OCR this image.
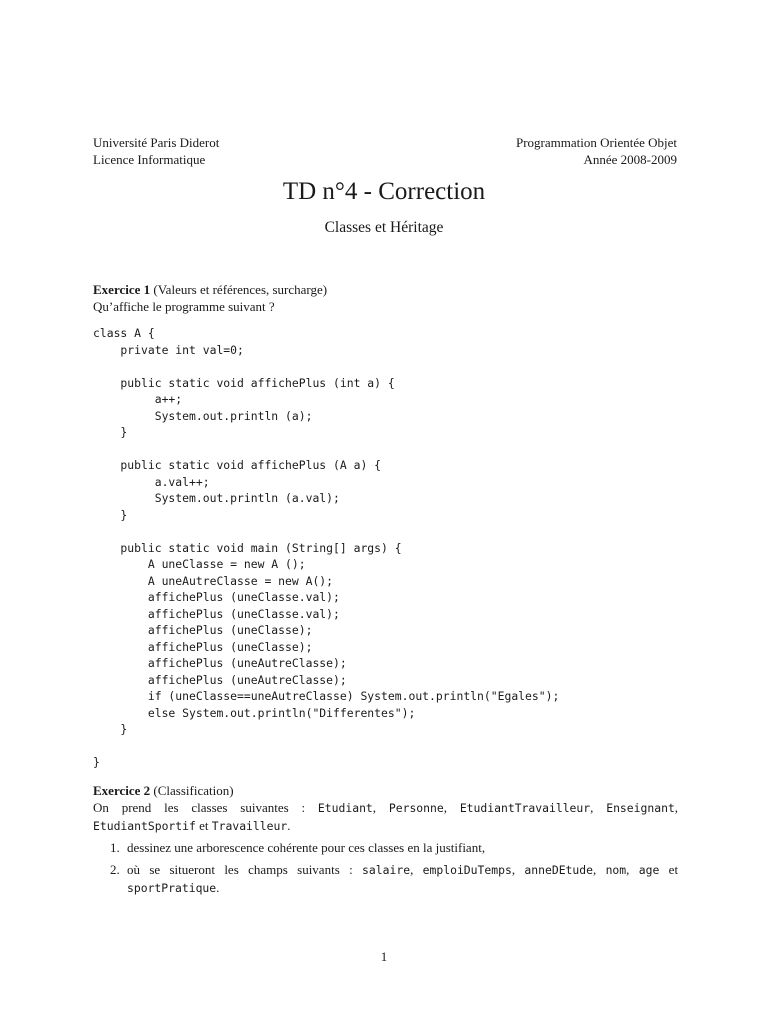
Université Paris Diderot
Licence Informatique
Programmation Orientée Objet
Année 2008-2009
TD n°4 - Correction
Classes et Héritage
Exercice 1 (Valeurs et références, surcharge)
Qu’affiche le programme suivant ?
class A {
private int val=0;
public static void affichePlus (int a) {
a++;
System.out.println (a);
}
public static void affichePlus (A a) {
a.val++;
System.out.println (a.val);
}
public static void main (String[] args) {
A uneClasse = new A ();
A uneAutreClasse = new A();
affichePlus (uneClasse.val);
affichePlus (uneClasse.val);
affichePlus (uneClasse);
affichePlus (uneClasse);
affichePlus (uneAutreClasse);
affichePlus (uneAutreClasse);
if (uneClasse==uneAutreClasse) System.out.println("Egales");
else System.out.println("Differentes");
}
}
Exercice 2 (Classification)
On prend les classes suivantes : Etudiant, Personne, EtudiantTravailleur, Enseignant, EtudiantSportif et Travailleur.
1. dessinez une arborescence cohérente pour ces classes en la justifiant,
2. où se situeront les champs suivants : salaire, emploiDuTemps, anneDEtude, nom, age et sportPratique.
1
